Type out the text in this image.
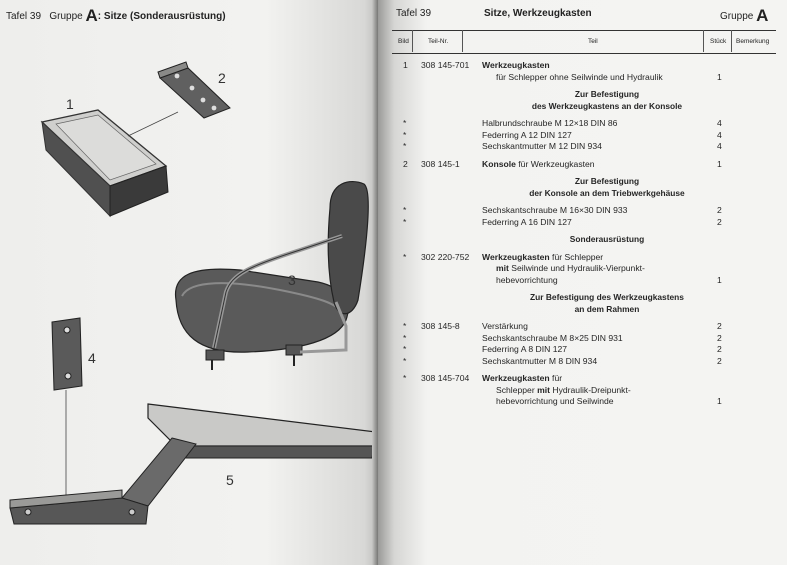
Tafel 39 Gruppe A: Sitze (Sonderausrüstung)
1
2
3
4
5
Tafel 39	Sitze, Werkzeugkasten	Gruppe A
Bild	Teil-Nr.	Teil	Stück Bemerkung
1 308 145-701 Werkzeugkasten
für Schlepper ohne Seilwinde und Hydraulik	1
Zur Befestigung
des Werkzeugkastens an der Konsole
*	Halbrundschraube M 12×18 DIN 86	4
*	Federring A 12 DIN 127	4
*	Sechskantmutter M 12 DIN 934	4
2 308 145-1	Konsole für Werkzeugkasten	1
Zur Befestigung
der Konsole an dem Triebwerkgehäuse
*	Sechskantschraube M 16×30 DIN 933	2
*	Federring A 16 DIN 127	2
Sonderausrüstung
* 302 220-752 Werkzeugkasten für Schlepper
mit Seilwinde und Hydraulik-Vierpunkt-
hebevorrichtung	1
Zur Befestigung des Werkzeugkastens
an dem Rahmen
* 308 145-8	Verstärkung	2
*	Sechskantschraube M 8×25 DIN 931	2
*	Federring A 8 DIN 127	2
*	Sechskantmutter M 8 DIN 934	2
* 308 145-704 Werkzeugkasten für
Schlepper mit Hydraulik-Dreipunkt-
hebevorrichtung und Seilwinde	1
